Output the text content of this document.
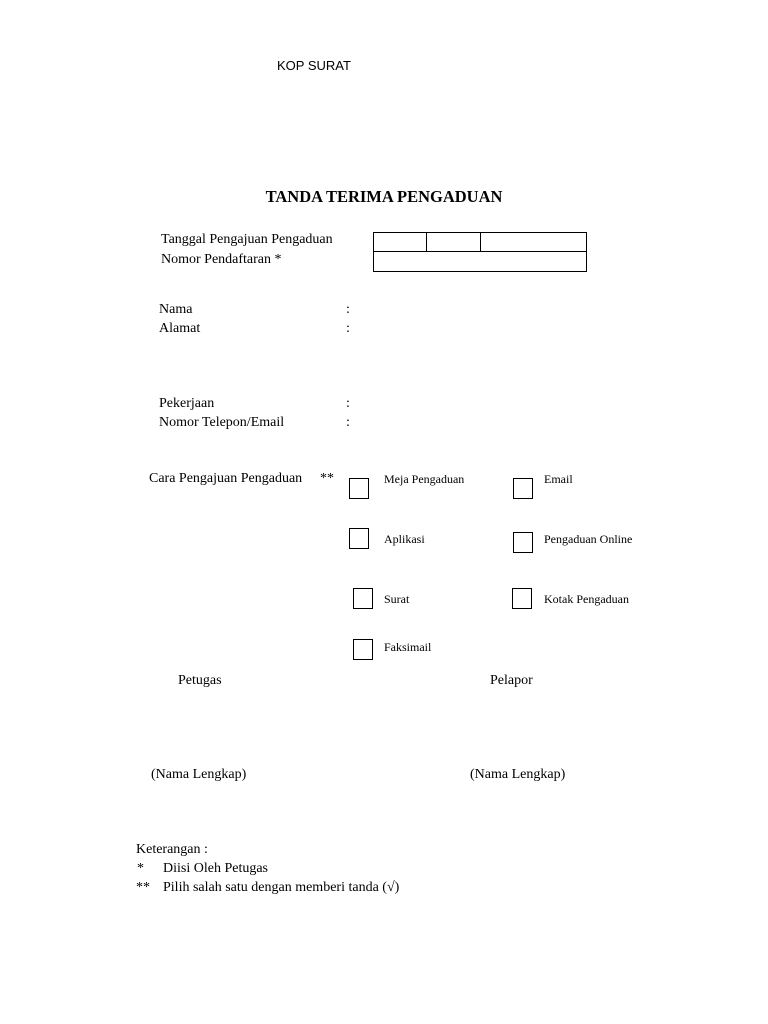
KOP SURAT
TANDA TERIMA PENGADUAN
Tanggal Pengajuan Pengaduan
Nomor Pendaftaran *
Nama	:
Alamat	:
Pekerjaan	:
Nomor Telepon/Email	:
Cara Pengajuan Pengaduan **	Meja Pengaduan	Email
Aplikasi	Pengaduan Online
Surat	Kotak Pengaduan
Faksimail
Petugas	Pelapor
(Nama Lengkap)	(Nama Lengkap)
Keterangan :
* Diisi Oleh Petugas
** Pilih salah satu dengan memberi tanda (√)
